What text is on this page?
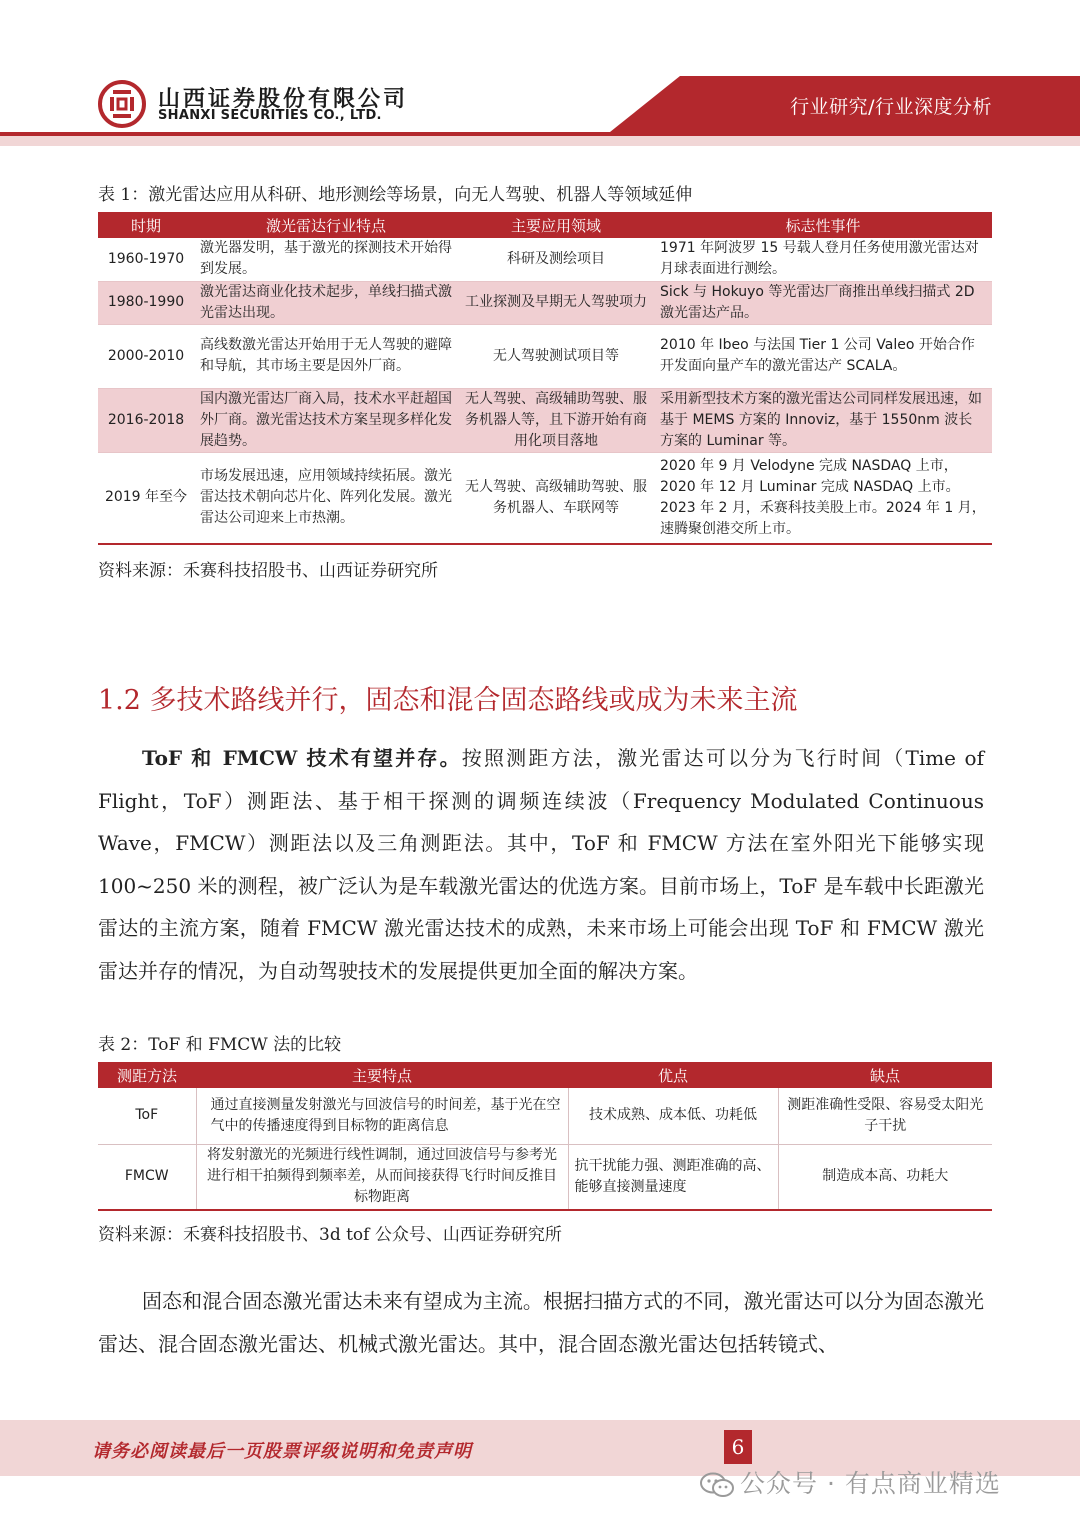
山西证券股份有限公司
SHANXI SECURITIES CO., LTD.	行业研究/行业深度分析
表 1：激光雷达应用从科研、地形测绘等场景，向无人驾驶、机器人等领域延伸
时期	激光雷达行业特点	主要应用领域	标志性事件
1960-1970	激光器发明，基于激光的探测技术开始得到发展。	科研及测绘项目	1971 年阿波罗 15 号载人登月任务使用激光雷达对月球表面进行测绘。
1980-1990	激光雷达商业化技术起步，单线扫描式激光雷达出现。	工业探测及早期无人驾驶项力	Sick 与 Hokuyo 等光雷达厂商推出单线扫描式 2D 激光雷达产品。
2000-2010	高线数激光雷达开始用于无人驾驶的避障和导航，其市场主要是因外厂商。	无人驾驶测试项目等	2010 年 Ibeo 与法国 Tier 1 公司 Valeo 开始合作开发面向量产车的激光雷达产 SCALA。
2016-2018	国内激光雷达厂商入局，技术水平赶超国外厂商。激光雷达技术方案呈现多样化发展趋势。	无人驾驶、高级辅助驾驶、服务机器人等，且下游开始有商用化项目落地	采用新型技术方案的激光雷达公司同样发展迅速，如基于 MEMS 方案的 Innoviz，基于 1550nm 波长方案的 Luminar 等。
2019 年至今	市场发展迅速，应用领域持续拓展。激光雷达技术朝向芯片化、阵列化发展。激光雷达公司迎来上市热潮。	无人驾驶、高级辅助驾驶、服务机器人、车联网等	2020 年 9 月 Velodyne 完成 NASDAQ 上市，2020 年 12 月 Luminar 完成 NASDAQ 上市。2023 年 2 月，禾赛科技美股上市。2024 年 1 月，速腾聚创港交所上市。
资料来源：禾赛科技招股书、山西证券研究所
1.2 多技术路线并行，固态和混合固态路线或成为未来主流
ToF 和 FMCW 技术有望并存。按照测距方法，激光雷达可以分为飞行时间（Time of Flight，ToF）测距法、基于相干探测的调频连续波（Frequency Modulated Continuous Wave，FMCW）测距法以及三角测距法。其中，ToF 和 FMCW 方法在室外阳光下能够实现 100~250 米的测程，被广泛认为是车载激光雷达的优选方案。目前市场上，ToF 是车载中长距激光雷达的主流方案，随着 FMCW 激光雷达技术的成熟，未来市场上可能会出现 ToF 和 FMCW 激光雷达并存的情况，为自动驾驶技术的发展提供更加全面的解决方案。
表 2：ToF 和 FMCW 法的比较
测距方法	主要特点	优点	缺点
ToF	通过直接测量发射激光与回波信号的时间差，基于光在空气中的传播速度得到目标物的距离信息	技术成熟、成本低、功耗低	测距准确性受限、容易受太阳光子干扰
FMCW	将发射激光的光频进行线性调制，通过回波信号与参考光进行相干拍频得到频率差，从而间接获得飞行时间反推目标物距离	抗干扰能力强、测距准确的高、能够直接测量速度	制造成本高、功耗大
资料来源：禾赛科技招股书、3d tof 公众号、山西证券研究所
固态和混合固态激光雷达未来有望成为主流。根据扫描方式的不同，激光雷达可以分为固态激光雷达、混合固态激光雷达、机械式激光雷达。其中，混合固态激光雷达包括转镜式、
请务必阅读最后一页股票评级说明和免责声明	6
公众号 · 有点商业精选
